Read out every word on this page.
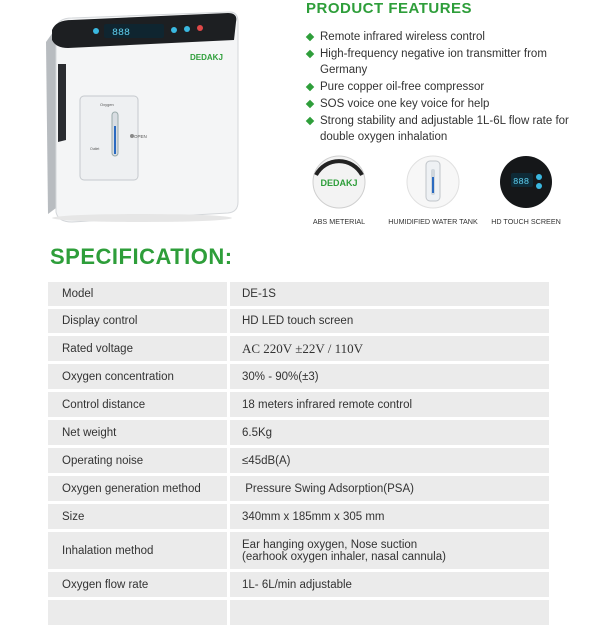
888
DEDAKJ
Oxygen
Outlet
OPEN
PRODUCT FEATURES
Remote infrared wireless control
High-frequency negative ion transmitter from Germany
Pure copper oil-free compressor
SOS voice one key voice for help
Strong stability and adjustable 1L-6L flow rate for double oxygen inhalation
DEDAKJ	888
ABS METERIAL	HUMIDIFIED WATER TANK	HD TOUCH SCREEN
SPECIFICATION:
Model	DE-1S
Display control	HD LED touch screen
Rated voltage	AC 220V ±22V / 110V
Oxygen concentration	30% - 90%(±3)
Control distance	18 meters infrared remote control
Net weight	6.5Kg
Operating noise	≤45dB(A)
Oxygen generation method	Pressure Swing Adsorption(PSA)
Size	340mm x 185mm x 305 mm
Inhalation method	Ear hanging oxygen, Nose suction
(earhook oxygen inhaler, nasal cannula)

Oxygen flow rate	1L- 6L/min adjustable
